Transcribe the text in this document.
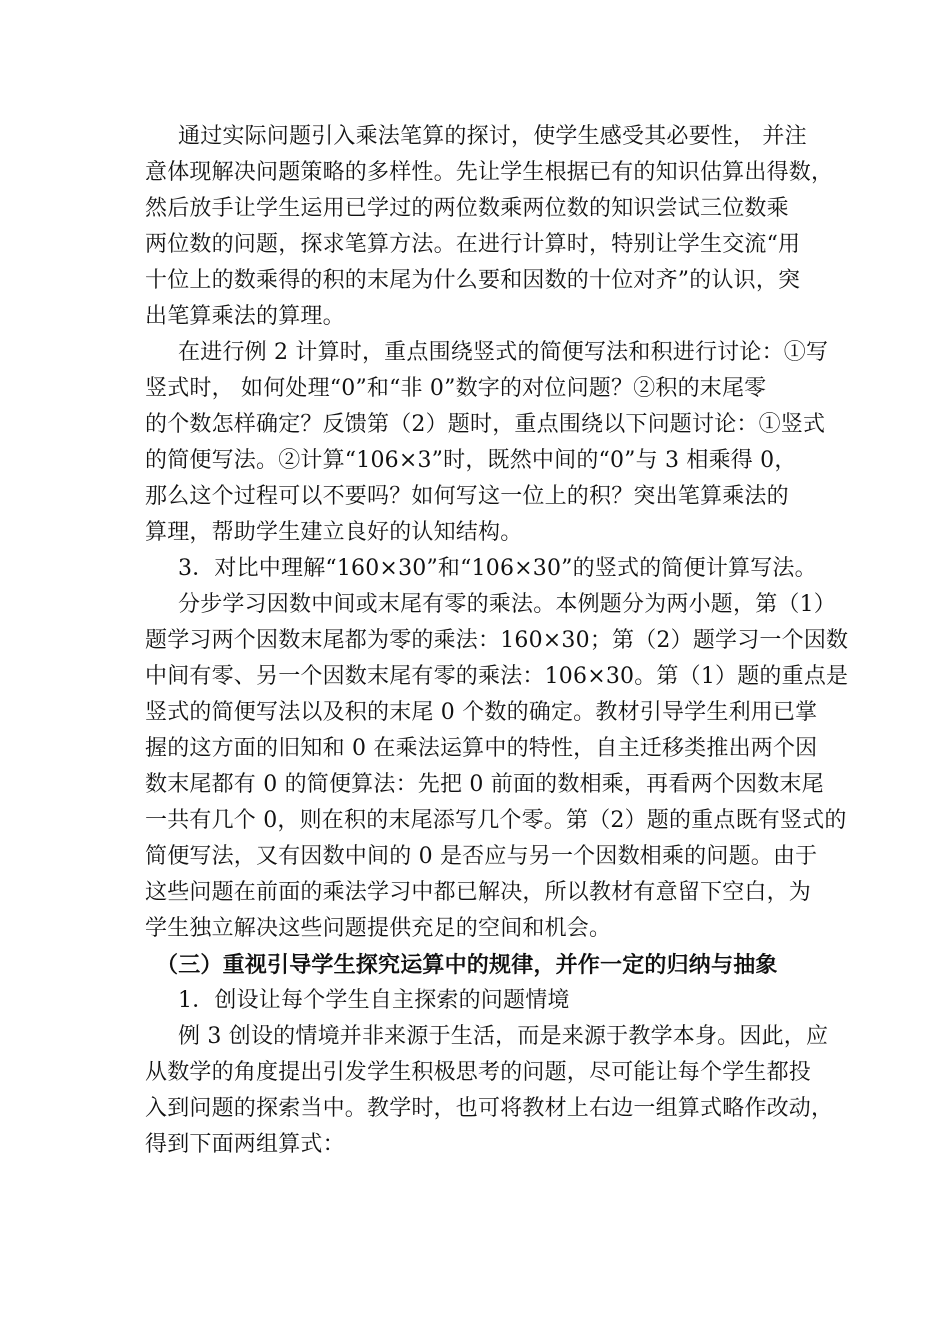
通过实际问题引入乘法笔算的探讨，使学生感受其必要性， 并注
意体现解决问题策略的多样性。先让学生根据已有的知识估算出得数，
然后放手让学生运用已学过的两位数乘两位数的知识尝试三位数乘
两位数的问题，探求笔算方法。在进行计算时，特别让学生交流“用
十位上的数乘得的积的末尾为什么要和因数的十位对齐”的认识，突
出笔算乘法的算理。
在进行例 2 计算时，重点围绕竖式的简便写法和积进行讨论：①写
竖式时， 如何处理“0”和“非 0”数字的对位问题？②积的末尾零
的个数怎样确定？反馈第（2）题时，重点围绕以下问题讨论：①竖式
的简便写法。②计算“106×3”时，既然中间的“0”与 3 相乘得 0，
那么这个过程可以不要吗？如何写这一位上的积？突出笔算乘法的
算理，帮助学生建立良好的认知结构。
3．对比中理解“160×30”和“106×30”的竖式的简便计算写法。
分步学习因数中间或末尾有零的乘法。本例题分为两小题，第（1）
题学习两个因数末尾都为零的乘法：160×30；第（2）题学习一个因数
中间有零、另一个因数末尾有零的乘法：106×30。第（1）题的重点是
竖式的简便写法以及积的末尾 0 个数的确定。教材引导学生利用已掌
握的这方面的旧知和 0 在乘法运算中的特性，自主迁移类推出两个因
数末尾都有 0 的简便算法：先把 0 前面的数相乘，再看两个因数末尾
一共有几个 0，则在积的末尾添写几个零。第（2）题的重点既有竖式的
简便写法，又有因数中间的 0 是否应与另一个因数相乘的问题。由于
这些问题在前面的乘法学习中都已解决，所以教材有意留下空白，为
学生独立解决这些问题提供充足的空间和机会。
（三）重视引导学生探究运算中的规律，并作一定的归纳与抽象
1．创设让每个学生自主探索的问题情境
例 3 创设的情境并非来源于生活，而是来源于教学本身。因此，应
从数学的角度提出引发学生积极思考的问题，尽可能让每个学生都投
入到问题的探索当中。教学时，也可将教材上右边一组算式略作改动，
得到下面两组算式：
